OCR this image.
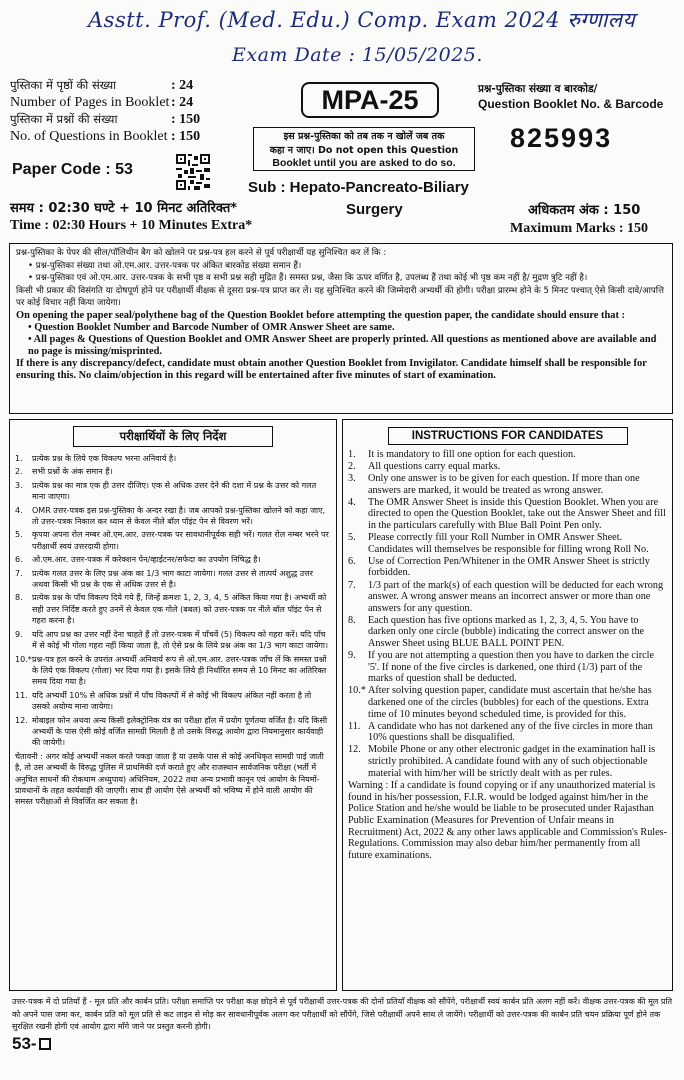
Asstt. Prof. (Med. Edu.) Comp. Exam 2024 रुग्णालय
Exam Date : 15/05/2025.
पुस्तिका में पृष्ठों की संख्या	: 24
Number of Pages in Booklet : 24
पुस्तिका में प्रश्नों की संख्या	: 150
No. of Questions in Booklet : 150
MPA-25
इस प्रश्न-पुस्तिका को तब तक न खोलें जब तक
कहा न जाए। Do not open this Question
Booklet until you are asked to do so.
प्रश्न-पुस्तिका संख्या व बारकोड/
Question Booklet No. & Barcode
825993
Paper Code : 53
Sub : Hepato-Pancreato-Biliary
Surgery
समय : 02:30 घण्टे + 10 मिनट अतिरिक्त*
Time : 02:30 Hours + 10 Minutes Extra*
अधिकतम अंक : 150
Maximum Marks : 150
प्रश्न-पुस्तिका के पेपर की सील/पॉलिथीन बैग को खोलने पर प्रश्न-पत्र हल करने से पूर्व परीक्षार्थी यह सुनिश्चित कर लें कि :
• प्रश्न-पुस्तिका संख्या तथा ओ.एम.आर. उत्तर-पत्रक पर अंकित बारकोड संख्या समान हैं।
• प्रश्न-पुस्तिका एवं ओ.एम.आर. उत्तर-पत्रक के सभी पृष्ठ व सभी प्रश्न सही मुद्रित हैं। समस्त प्रश्न, जैसा कि ऊपर वर्णित है, उपलब्ध हैं तथा कोई भी पृष्ठ कम नहीं है/ मुद्रण त्रुटि नहीं है।
किसी भी प्रकार की विसंगति या दोषपूर्ण होने पर परीक्षार्थी वीक्षक से दूसरा प्रश्न-पत्र प्राप्त कर लें। यह सुनिश्चित करने की जिम्मेदारी अभ्यर्थी की होगी। परीक्षा प्रारम्भ होने के 5 मिनट पश्चात् ऐसे किसी दावे/आपत्ति पर कोई विचार नहीं किया जायेगा।
On opening the paper seal/polythene bag of the Question Booklet before attempting the question paper, the candidate should ensure that :
• Question Booklet Number and Barcode Number of OMR Answer Sheet are same.
• All pages & Questions of Question Booklet and OMR Answer Sheet are properly printed. All questions as mentioned above are available and no page is missing/misprinted.
If there is any discrepancy/defect, candidate must obtain another Question Booklet from Invigilator. Candidate himself shall be responsible for ensuring this. No claim/objection in this regard will be entertained after five minutes of start of examination.
परीक्षार्थियों के लिए निर्देश
1.	प्रत्येक प्रश्न के लिये एक विकल्प भरना अनिवार्य है।
2.	सभी प्रश्नों के अंक समान हैं।
3.	प्रत्येक प्रश्न का मात्र एक ही उत्तर दीजिए। एक से अधिक उत्तर देने की दशा में प्रश्न के उत्तर को गलत माना जाएगा।
4.	OMR उत्तर-पत्रक इस प्रश्न-पुस्तिका के अन्दर रखा है। जब आपको प्रश्न-पुस्तिका खोलने को कहा जाए, तो उत्तर-पत्रक निकाल कर ध्यान से केवल नीले बॉल पॉइंट पेन से विवरण भरें।
5.	कृपया अपना रोल नम्बर ओ.एम.आर. उत्तर-पत्रक पर सावधानीपूर्वक सही भरें। गलत रोल नम्बर भरने पर परीक्षार्थी स्वयं उत्तरदायी होगा।
6.	ओ.एम.आर. उत्तर-पत्रक में करेक्शन पेन/व्हाईटनर/सफेदा का उपयोग निषिद्ध है।
7.	प्रत्येक गलत उत्तर के लिए प्रश्न अंक का 1/3 भाग काटा जायेगा। गलत उत्तर से तात्पर्य अशुद्ध उत्तर अथवा किसी भी प्रश्न के एक से अधिक उत्तर से है।
8.	प्रत्येक प्रश्न के पाँच विकल्प दिये गये हैं, जिन्हें क्रमशः 1, 2, 3, 4, 5 अंकित किया गया है। अभ्यर्थी को सही उत्तर निर्दिष्ट करते हुए उनमें से केवल एक गोले (बबल) को उत्तर-पत्रक पर नीले बॉल पॉइंट पेन से गहरा करना है।
9.	यदि आप प्रश्न का उत्तर नहीं देना चाहते हैं तो उत्तर-पत्रक में पाँचवें (5) विकल्प को गहरा करें। यदि पाँच में से कोई भी गोला गहरा नहीं किया जाता है, तो ऐसे प्रश्न के लिये प्रश्न अंक का 1/3 भाग काटा जायेगा।
10.* प्रश्न-पत्र हल करने के उपरांत अभ्यर्थी अनिवार्य रूप से ओ.एम.आर. उत्तर-पत्रक जाँच लें कि समस्त प्रश्नों के लिये एक विकल्प (गोला) भर दिया गया है। इसके लिये ही निर्धारित समय से 10 मिनट का अतिरिक्त समय दिया गया है।
11. यदि अभ्यर्थी 10% से अधिक प्रश्नों में पाँच विकल्पों में से कोई भी विकल्प अंकित नहीं करता है तो उसको अयोग्य माना जायेगा।
12. मोबाइल फोन अथवा अन्य किसी इलेक्ट्रोनिक यंत्र का परीक्षा हॉल में प्रयोग पूर्णतया वर्जित है। यदि किसी अभ्यर्थी के पास ऐसी कोई वर्जित सामग्री मिलती है तो उसके विरुद्ध आयोग द्वारा नियमानुसार कार्यवाही की जायेगी।
चेतावनी : अगर कोई अभ्यर्थी नकल करते पकड़ा जाता है या उसके पास से कोई अनधिकृत सामग्री पाई जाती है, तो उस अभ्यर्थी के विरुद्ध पुलिस में प्राथमिकी दर्ज कराते हुए और राजस्थान सार्वजनिक परीक्षा (भर्ती में अनुचित साधनों की रोकथाम अध्युपाय) अधिनियम, 2022 तथा अन्य प्रभावी कानून एवं आयोग के नियमों-प्रावधानों के तहत कार्यवाही की जाएगी। साथ ही आयोग ऐसे अभ्यर्थी को भविष्य में होने वाली आयोग की समस्त परीक्षाओं से विवर्जित कर सकता है।
INSTRUCTIONS FOR CANDIDATES
1.	It is mandatory to fill one option for each question.
2.	All questions carry equal marks.
3.	Only one answer is to be given for each question. If more than one answers are marked, it would be treated as wrong answer.
4.	The OMR Answer Sheet is inside this Question Booklet. When you are directed to open the Question Booklet, take out the Answer Sheet and fill in the particulars carefully with Blue Ball Point Pen only.
5.	Please correctly fill your Roll Number in OMR Answer Sheet. Candidates will themselves be responsible for filling wrong Roll No.
6.	Use of Correction Pen/Whitener in the OMR Answer Sheet is strictly forbidden.
7.	1/3 part of the mark(s) of each question will be deducted for each wrong answer. A wrong answer means an incorrect answer or more than one answers for any question.
8.	Each question has five options marked as 1, 2, 3, 4, 5. You have to darken only one circle (bubble) indicating the correct answer on the Answer Sheet using BLUE BALL POINT PEN.
9.	If you are not attempting a question then you have to darken the circle '5'. If none of the five circles is darkened, one third (1/3) part of the marks of question shall be deducted.
10.* After solving question paper, candidate must ascertain that he/she has darkened one of the circles (bubbles) for each of the questions. Extra time of 10 minutes beyond scheduled time, is provided for this.
11. A candidate who has not darkened any of the five circles in more than 10% questions shall be disqualified.
12. Mobile Phone or any other electronic gadget in the examination hall is strictly prohibited. A candidate found with any of such objectionable material with him/her will be strictly dealt with as per rules.
Warning : If a candidate is found copying or if any unauthorized material is found in his/her possession, F.I.R. would be lodged against him/her in the Police Station and he/she would be liable to be prosecuted under Rajasthan Public Examination (Measures for Prevention of Unfair means in Recruitment) Act, 2022 & any other laws applicable and Commission's Rules-Regulations. Commission may also debar him/her permanently from all future examinations.
उत्तर-पत्रक में दो प्रतियाँ हैं - मूल प्रति और कार्बन प्रति। परीक्षा समाप्ति पर परीक्षा कक्ष छोड़ने से पूर्व परीक्षार्थी उत्तर-पत्रक की दोनों प्रतियाँ वीक्षक को सौंपेंगे, परीक्षार्थी स्वयं कार्बन प्रति अलग नहीं करें। वीक्षक उत्तर-पत्रक की मूल प्रति को अपने पास जमा कर, कार्बन प्रति को मूल प्रति से कट लाइन से मोड़ कर सावधानीपूर्वक अलग कर परीक्षार्थी को सौंपेंगे, जिसे परीक्षार्थी अपने साथ ले जायेंगे। परीक्षार्थी को उत्तर-पत्रक की कार्बन प्रति चयन प्रक्रिया पूर्ण होने तक सुरक्षित रखनी होगी एवं आयोग द्वारा माँगे जाने पर प्रस्तुत करनी होगी।
53-
